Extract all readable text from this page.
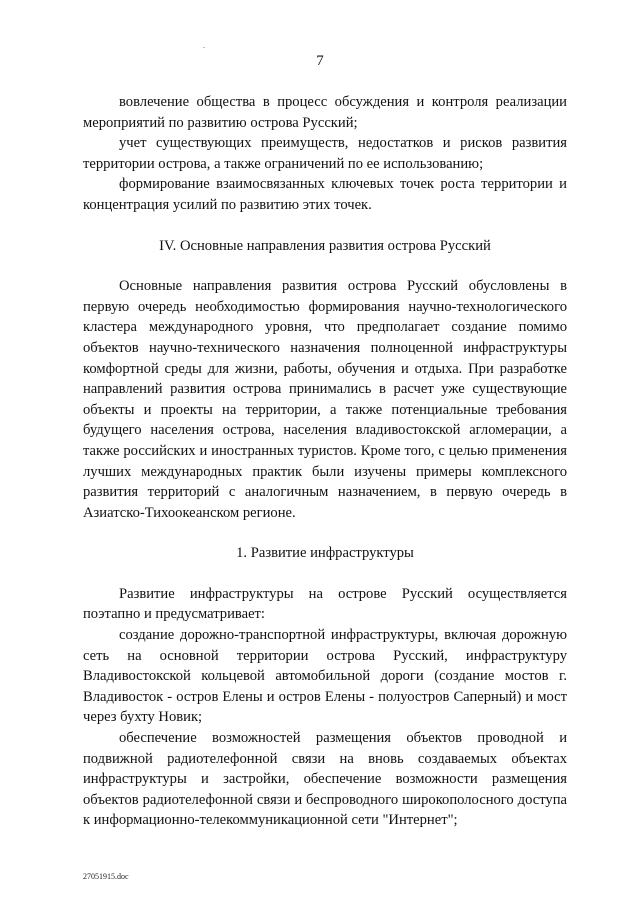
7

вовлечение общества в процесс обсуждения и контроля реализации мероприятий по развитию острова Русский;

учет существующих преимуществ, недостатков и рисков развития территории острова, а также ограничений по ее использованию;

формирование взаимосвязанных ключевых точек роста территории и концентрация усилий по развитию этих точек.

IV. Основные направления развития острова Русский

Основные направления развития острова Русский обусловлены в первую очередь необходимостью формирования научно-технологического кластера международного уровня, что предполагает создание помимо объектов научно-технического назначения полноценной инфраструктуры комфортной среды для жизни, работы, обучения и отдыха. При разработке направлений развития острова принимались в расчет уже существующие объекты и проекты на территории, а также потенциальные требования будущего населения острова, населения владивостокской агломерации, а также российских и иностранных туристов. Кроме того, с целью применения лучших международных практик были изучены примеры комплексного развития территорий с аналогичным назначением, в первую очередь в Азиатско-Тихоокеанском регионе.

1. Развитие инфраструктуры

Развитие инфраструктуры на острове Русский осуществляется поэтапно и предусматривает:

создание дорожно-транспортной инфраструктуры, включая дорожную сеть на основной территории острова Русский, инфраструктуру Владивостокской кольцевой автомобильной дороги (создание мостов г. Владивосток - остров Елены и остров Елены - полуостров Саперный) и мост через бухту Новик;

обеспечение возможностей размещения объектов проводной и подвижной радиотелефонной связи на вновь создаваемых объектах инфраструктуры и застройки, обеспечение возможности размещения объектов радиотелефонной связи и беспроводного широкополосного доступа к информационно-телекоммуникационной сети "Интернет";

27051915.doc
